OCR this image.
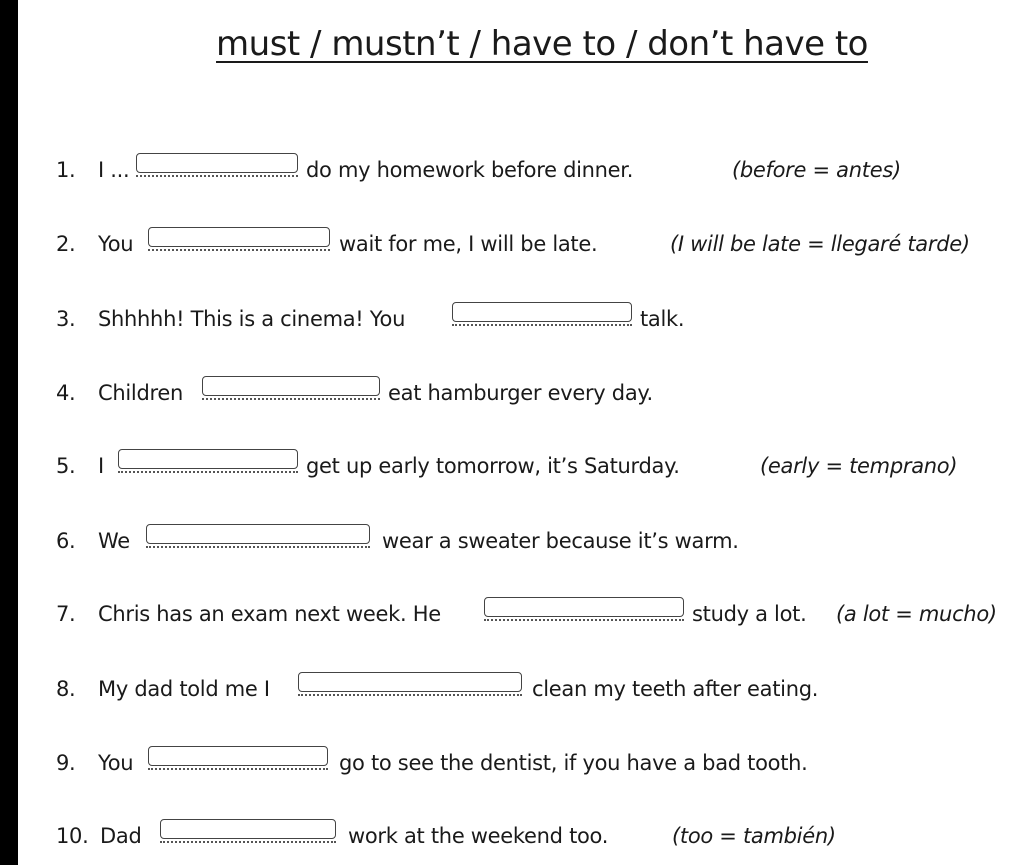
must / mustn’t / have to / don’t have to
1. I ...	do my homework before dinner.	(before = antes)
2. You	wait for me, I will be late.	(I will be late = llegaré tarde)
3. Shhhhh! This is a cinema! You	talk.
4. Children	eat hamburger every day.
5. I	get up early tomorrow, it’s Saturday.	(early = temprano)
6. We	wear a sweater because it’s warm.
7. Chris has an exam next week. He	study a lot. (a lot = mucho)
8. My dad told me I	clean my teeth after eating.
9. You	go to see the dentist, if you have a bad tooth.
10. Dad	work at the weekend too.	(too = también)
